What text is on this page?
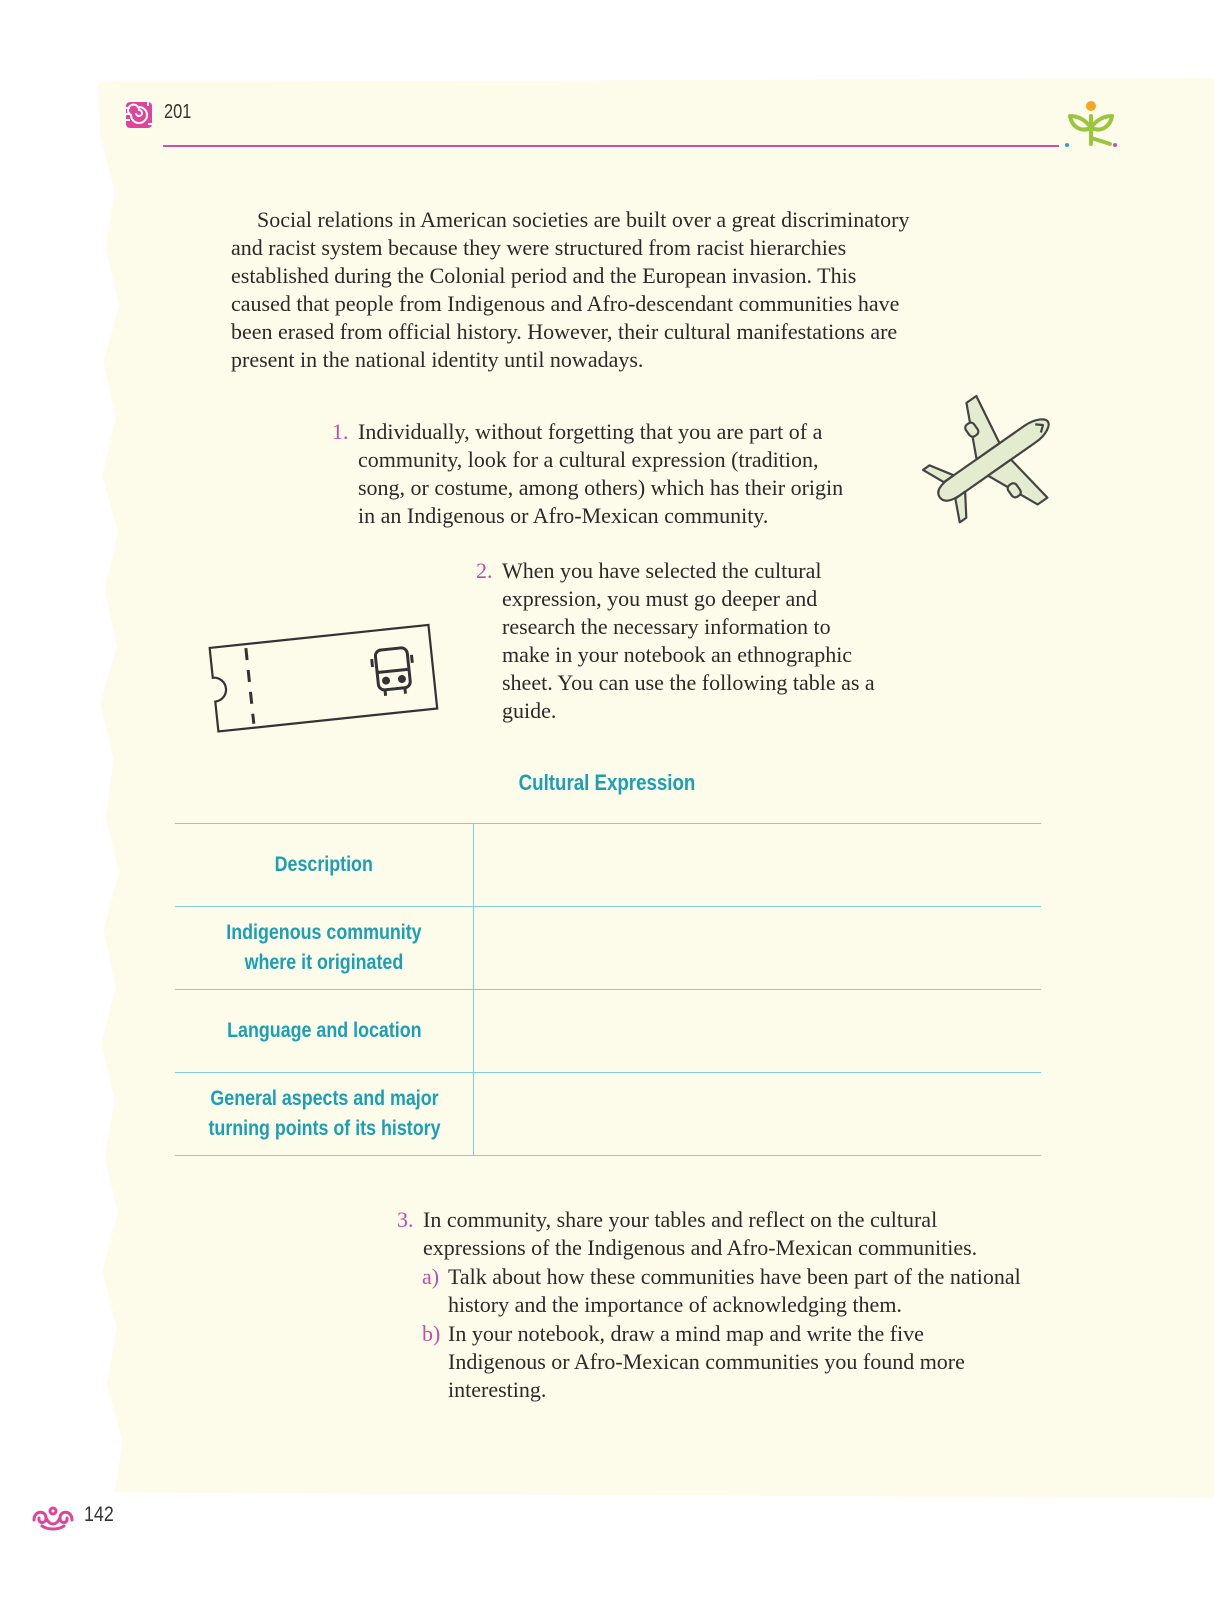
201

Social relations in American societies are built over a great discriminatory and racist system because they were structured from racist hierarchies established during the Colonial period and the European invasion. This caused that people from Indigenous and Afro-descendant communities have been erased from official history. However, their cultural manifestations are present in the national identity until nowadays.

1. Individually, without forgetting that you are part of a community, look for a cultural expression (tradition, song, or costume, among others) which has their origin in an Indigenous or Afro-Mexican community.
2. When you have selected the cultural expression, you must go deeper and research the necessary information to make in your notebook an ethnographic sheet. You can use the following table as a guide.
Cultural Expression
Description
Indigenous community
where it originated
Language and location
General aspects and major
turning points of its history
3. In community, share your tables and reflect on the cultural expressions of the Indigenous and Afro-Mexican communities.
a) Talk about how these communities have been part of the national history and the importance of acknowledging them.
b) In your notebook, draw a mind map and write the five Indigenous or Afro-Mexican communities you found more interesting.
142
